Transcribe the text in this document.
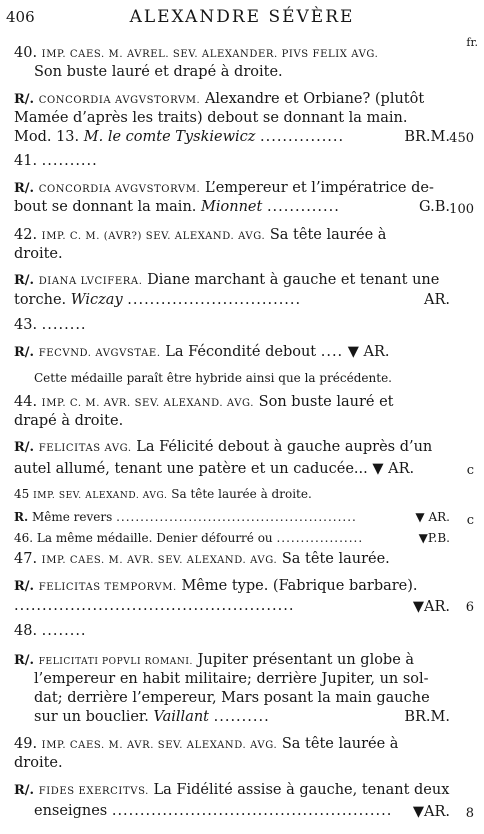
406	ALEXANDRE SÉVÈRE
fr.
40. IMP. CAES. M. AVREL. SEV. ALEXANDER. PIVS FELIX AVG.
Son buste lauré et drapé à droite.
R/. CONCORDIA AVGVSTORVM. Alexandre et Orbiane? (plutôt
Mamée d’après les traits) debout se donnant la main.
Mod. 13. M. le comte Tyskiewicz ...............	BR.M. 450
41. ..........
R/. CONCORDIA AVGVSTORVM. L’empereur et l’impératrice de-
bout se donnant la main. Mionnet .............	G.B. 100
42. IMP. C. M. (AVR?) SEV. ALEXAND. AVG. Sa tête laurée à
droite.
R/. DIANA LVCIFERA. Diane marchant à gauche et tenant une
torche. Wiczay ...............................	AR.
43. ........
R/. FECVND. AVGVSTAE. La Fécondité debout .... ▼ AR.
Cette médaille paraît être hybride ainsi que la précédente.
44. IMP. C. M. AVR. SEV. ALEXAND. AVG. Son buste lauré et
drapé à droite.
R/. FELICITAS AVG. La Félicité debout à gauche auprès d’un
autel allumé, tenant une patère et un caducée... ▼ AR.	c
45 IMP. SEV. ALEXAND. AVG. Sa tête laurée à droite.
R. Même revers ..................................................	▼ AR. c
46. La même médaille. Denier défourré ou ..................	▼P.B.
47. IMP. CAES. M. AVR. SEV. ALEXAND. AVG. Sa tête laurée.
R/. FELICITAS TEMPORVM. Même type. (Fabrique barbare).
..................................................	▼AR. 6
48. ........
R/. FELICITATI POPVLI ROMANI. Jupiter présentant un globe à
l’empereur en habit militaire; derrière Jupiter, un sol-
dat; derrière l’empereur, Mars posant la main gauche
sur un bouclier. Vaillant ..........	BR.M.
49. IMP. CAES. M. AVR. SEV. ALEXAND. AVG. Sa tête laurée à
droite.
R/. FIDES EXERCITVS. La Fidélité assise à gauche, tenant deux
enseignes .................................................. ▼AR. 8
